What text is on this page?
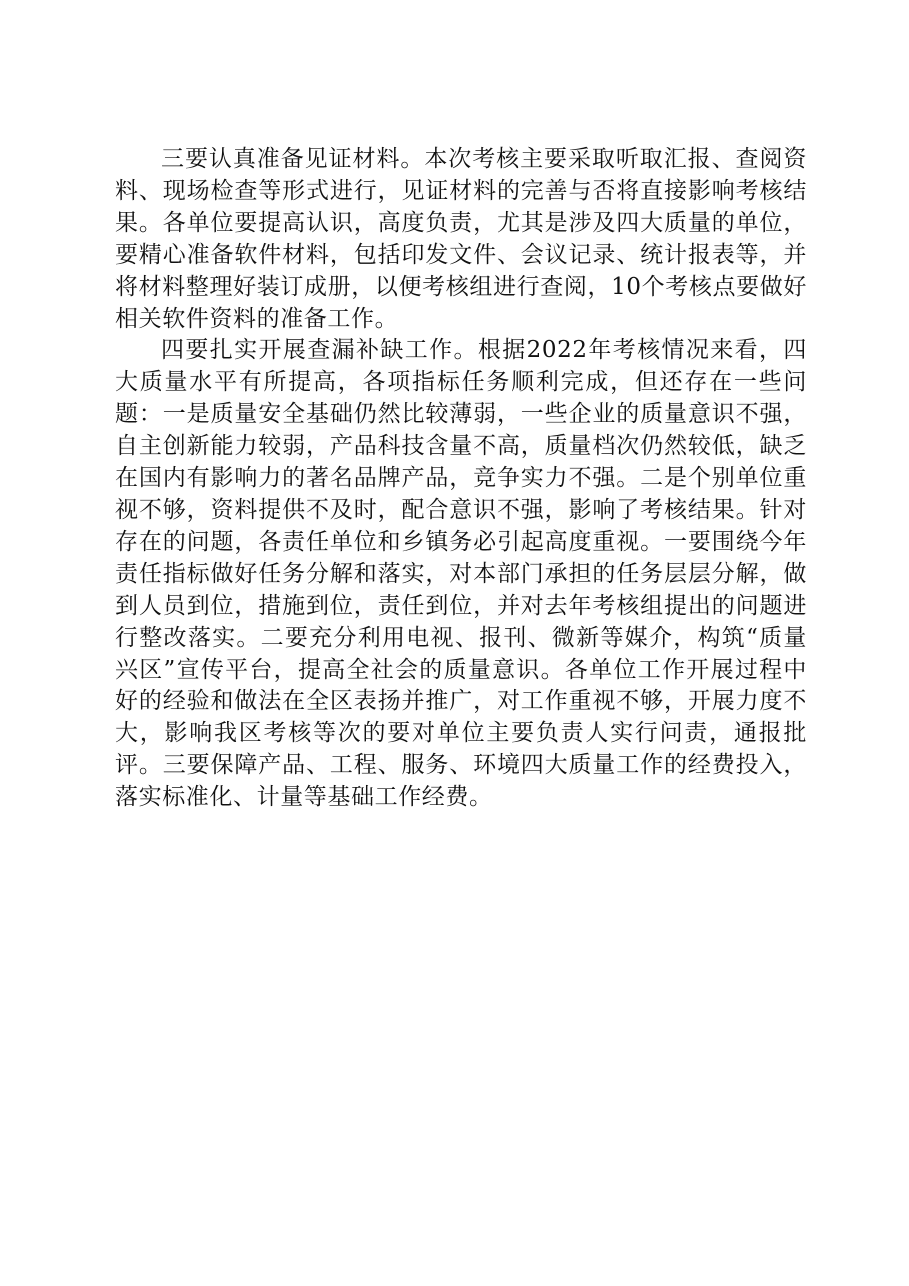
三要认真准备见证材料。本次考核主要采取听取汇报、查阅资料、现场检查等形式进行，见证材料的完善与否将直接影响考核结果。各单位要提高认识，高度负责，尤其是涉及四大质量的单位，要精心准备软件材料，包括印发文件、会议记录、统计报表等，并将材料整理好装订成册，以便考核组进行查阅，10个考核点要做好相关软件资料的准备工作。

四要扎实开展查漏补缺工作。根据2022年考核情况来看，四大质量水平有所提高，各项指标任务顺利完成，但还存在一些问题：一是质量安全基础仍然比较薄弱，一些企业的质量意识不强，自主创新能力较弱，产品科技含量不高，质量档次仍然较低，缺乏在国内有影响力的著名品牌产品，竞争实力不强。二是个别单位重视不够，资料提供不及时，配合意识不强，影响了考核结果。针对存在的问题，各责任单位和乡镇务必引起高度重视。一要围绕今年责任指标做好任务分解和落实，对本部门承担的任务层层分解，做到人员到位，措施到位，责任到位，并对去年考核组提出的问题进行整改落实。二要充分利用电视、报刊、微新等媒介，构筑“质量兴区”宣传平台，提高全社会的质量意识。各单位工作开展过程中好的经验和做法在全区表扬并推广，对工作重视不够，开展力度不大，影响我区考核等次的要对单位主要负责人实行问责，通报批评。三要保障产品、工程、服务、环境四大质量工作的经费投入，落实标准化、计量等基础工作经费。
